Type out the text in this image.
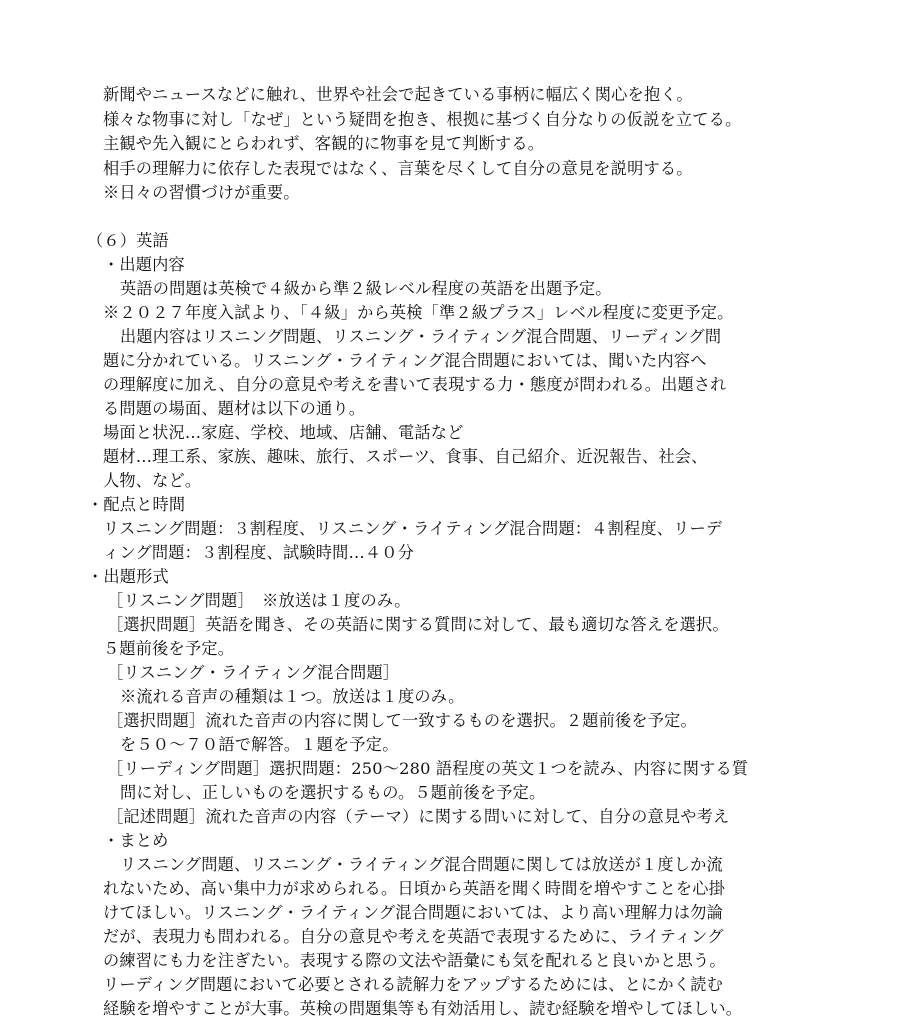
新聞やニュースなどに触れ、世界や社会で起きている事柄に幅広く関心を抱く。
様々な物事に対し「なぜ」という疑問を抱き、根拠に基づく自分なりの仮説を立てる。
主観や先入観にとらわれず、客観的に物事を見て判断する。
相手の理解力に依存した表現ではなく、言葉を尽くして自分の意見を説明する。
※日々の習慣づけが重要。
（６）英語
・出題内容
英語の問題は英検で４級から準２級レベル程度の英語を出題予定。
※２０２７年度入試より、「４級」から英検「準２級プラス」レベル程度に変更予定。
出題内容はリスニング問題、リスニング・ライティング混合問題、リーディング問
題に分かれている。リスニング・ライティング混合問題においては、聞いた内容へ
の理解度に加え、自分の意見や考えを書いて表現する力・態度が問われる。出題され
る問題の場面、題材は以下の通り。
場面と状況…家庭、学校、地域、店舗、電話など
題材…理工系、家族、趣味、旅行、スポーツ、食事、自己紹介、近況報告、社会、
人物、など。
・配点と時間
リスニング問題：３割程度、リスニング・ライティング混合問題：４割程度、リーデ
ィング問題：３割程度、試験時間…４０分
・出題形式
［リスニング問題］　※放送は１度のみ。
［選択問題］英語を聞き、その英語に関する質問に対して、最も適切な答えを選択。
５題前後を予定。
［リスニング・ライティング混合問題］
※流れる音声の種類は１つ。放送は１度のみ。
［選択問題］流れた音声の内容に関して一致するものを選択。２題前後を予定。
を５０～７０語で解答。１題を予定。
［リーディング問題］選択問題：250～280 語程度の英文１つを読み、内容に関する質
問に対し、正しいものを選択するもの。５題前後を予定。
［記述問題］流れた音声の内容（テーマ）に関する問いに対して、自分の意見や考え
・まとめ
リスニング問題、リスニング・ライティング混合問題に関しては放送が１度しか流
れないため、高い集中力が求められる。日頃から英語を聞く時間を増やすことを心掛
けてほしい。リスニング・ライティング混合問題においては、より高い理解力は勿論
だが、表現力も問われる。自分の意見や考えを英語で表現するために、ライティング
の練習にも力を注ぎたい。表現する際の文法や語彙にも気を配れると良いかと思う。
リーディング問題において必要とされる読解力をアップするためには、とにかく読む
経験を増やすことが大事。英検の問題集等も有効活用し、読む経験を増やしてほしい。
